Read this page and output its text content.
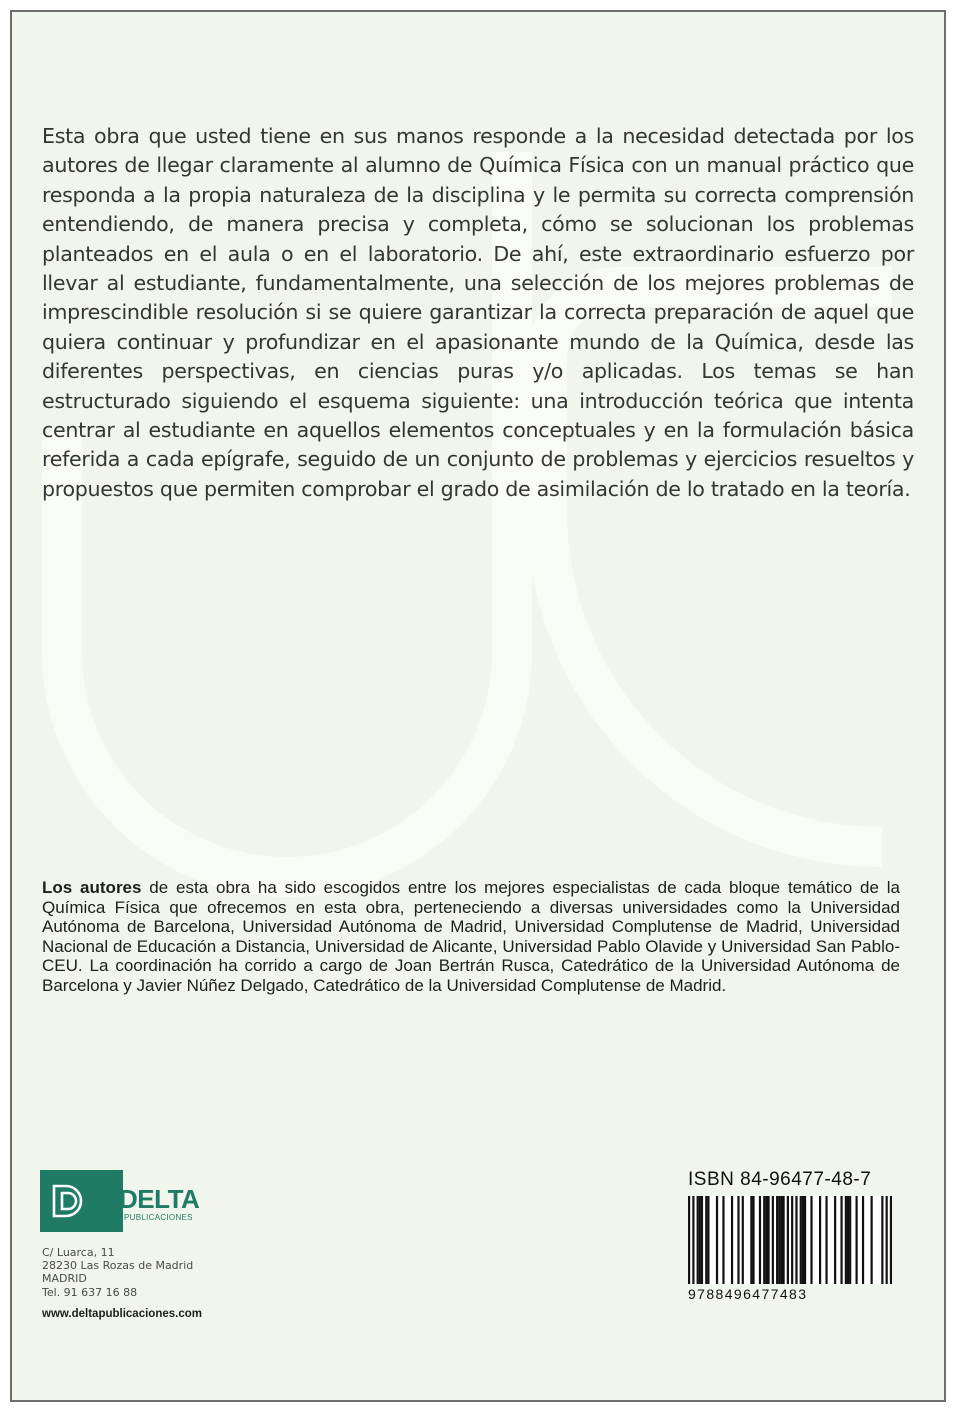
Esta obra que usted tiene en sus manos responde a la necesidad detectada por los autores de llegar claramente al alumno de Química Física con un manual práctico que responda a la propia naturaleza de la disciplina y le permita su correcta comprensión entendiendo, de manera precisa y completa, cómo se solucionan los problemas planteados en el aula o en el laboratorio. De ahí, este extraordinario esfuerzo por llevar al estudiante, fundamentalmente, una selección de los mejores problemas de imprescindible resolución si se quiere garantizar la correcta preparación de aquel que quiera continuar y profundizar en el apasionante mundo de la Química, desde las diferentes perspectivas, en ciencias puras y/o aplicadas. Los temas se han estructurado siguiendo el esquema siguiente: una introducción teórica que intenta centrar al estudiante en aquellos elementos conceptuales y en la formulación básica referida a cada epígrafe, seguido de un conjunto de problemas y ejercicios resueltos y propuestos que permiten comprobar el grado de asimilación de lo tratado en la teoría.

Los autores de esta obra ha sido escogidos entre los mejores especialistas de cada bloque temático de la Química Física que ofrecemos en esta obra, perteneciendo a diversas universidades como la Universidad Autónoma de Barcelona, Universidad Autónoma de Madrid, Universidad Complutense de Madrid, Universidad Nacional de Educación a Distancia, Universidad de Alicante, Universidad Pablo Olavide y Universidad San Pablo-CEU. La coordinación ha corrido a cargo de Joan Bertrán Rusca, Catedrático de la Universidad Autónoma de Barcelona y Javier Núñez Delgado, Catedrático de la Universidad Complutense de Madrid.

DELTA
PUBLICACIONES
C/ Luarca, 11
28230 Las Rozas de Madrid
MADRID
Tel. 91 637 16 88
www.deltapublicaciones.com
ISBN 84-96477-48-7
9788496477483
